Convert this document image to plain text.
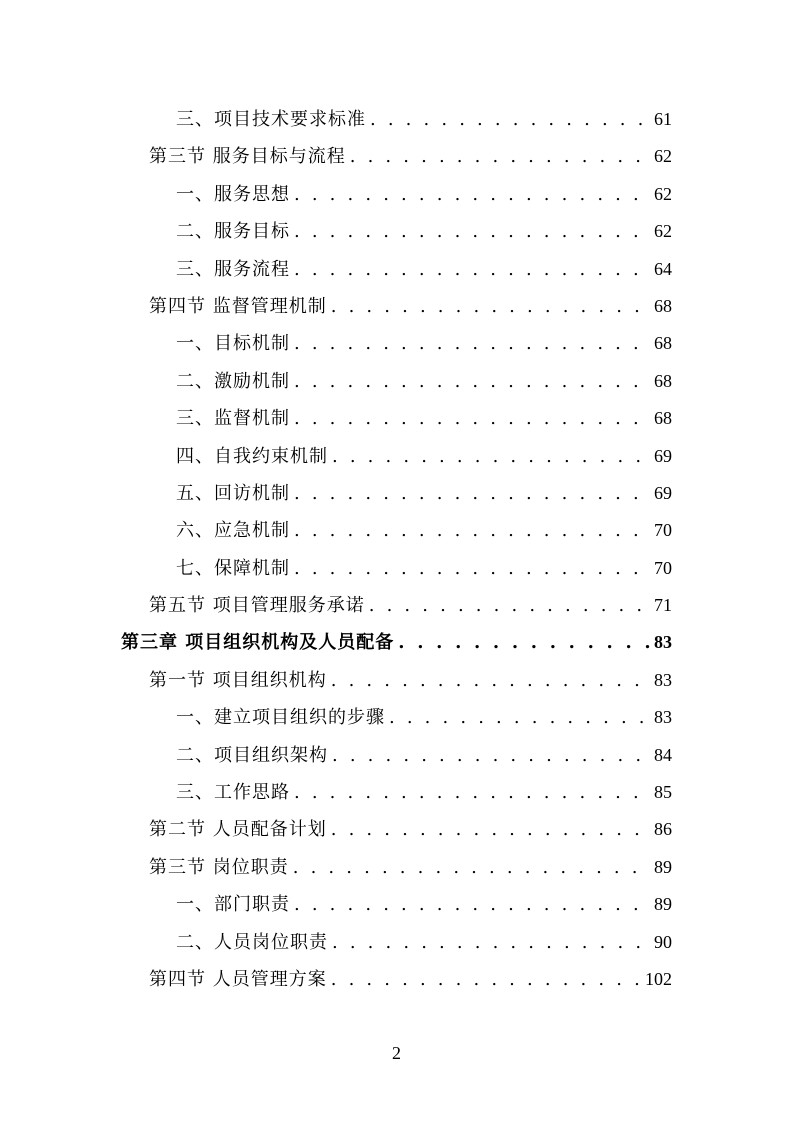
三、项目技术要求标准 . . .	61
第三节 服务目标与流程 . . .	62
一、服务思想 . . .	62
二、服务目标 . . .	62
三、服务流程 . . .	64
第四节 监督管理机制 . . .	68
一、目标机制 . . .	68
二、激励机制 . . .	68
三、监督机制 . . .	68
四、自我约束机制 . . .	69
五、回访机制 . . .	69
六、应急机制 . . .	70
七、保障机制 . . .	70
第五节 项目管理服务承诺 . . .	71
第三章 项目组织机构及人员配备 . . .	83
第一节 项目组织机构 . . .	83
一、建立项目组织的步骤 . . .	83
二、项目组织架构 . . .	84
三、工作思路 . . .	85
第二节 人员配备计划 . . .	86
第三节 岗位职责 . . .	89
一、部门职责 . . .	89
二、人员岗位职责 . . .	90
第四节 人员管理方案 . . .	102
2
